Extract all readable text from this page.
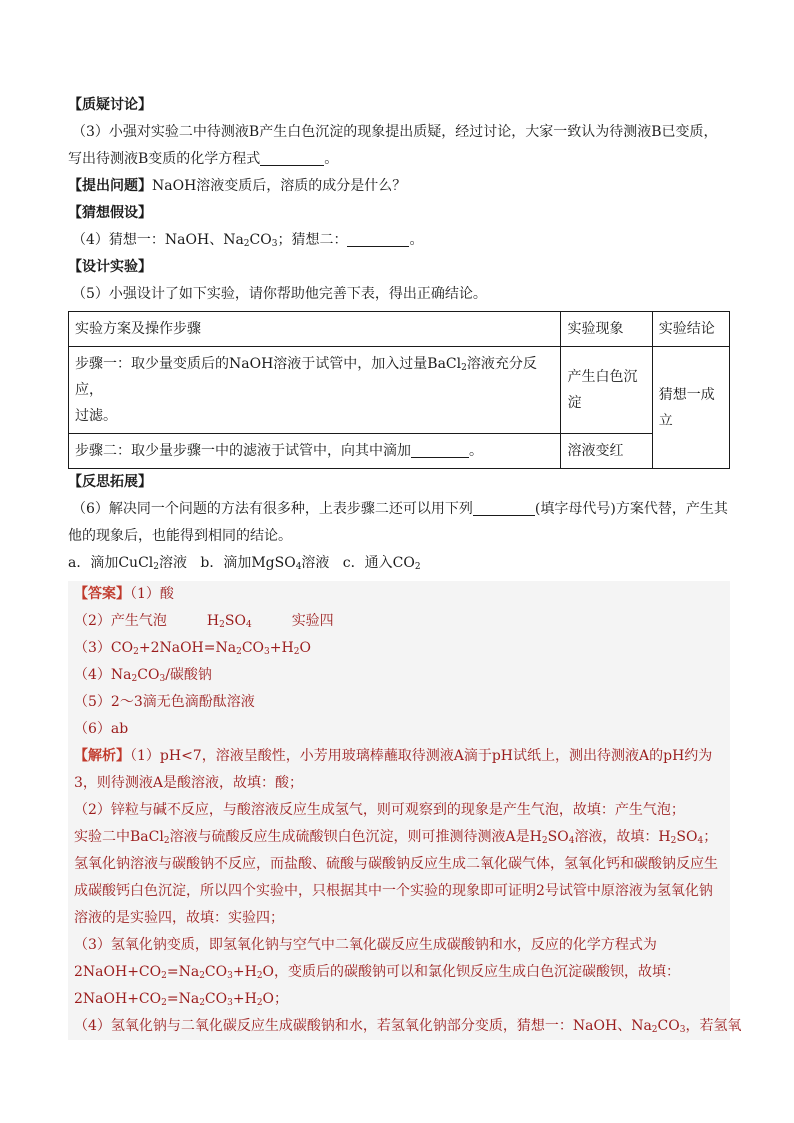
【质疑讨论】
（3）小强对实验二中待测液B产生白色沉淀的现象提出质疑，经过讨论，大家一致认为待测液B已变质，
写出待测液B变质的化学方程式	。
【提出问题】NaOH溶液变质后，溶质的成分是什么？
【猜想假设】
（4）猜想一：NaOH、$Na_2CO_3$；猜想二：	。
【设计实验】
（5）小强设计了如下实验，请你帮助他完善下表，得出正确结论。
实验方案及操作步骤	实验现象	实验结论
步骤一：取少量变质后的NaOH溶液于试管中，加入过量BaCl$_2$溶液充分反应，
过滤。	产生白色沉淀	猜想一成立
步骤二：取少量步骤一中的滤液于试管中，向其中滴加 。	溶液变红	
【反思拓展】
（6）解决同一个问题的方法有很多种，上表步骤二还可以用下列	(填字母代号)方案代替，产生其
他的现象后，也能得到相同的结论。
a．滴加CuCl$_2$溶液 b．滴加MgSO$_4$溶液 c．通入$CO_2$
【答案】（1）酸
（2）产生气泡	$H_2SO_4$	实验四
$(3)CO_2+2NaOH=Na_2CO_3+H_2O$
$(4)Na_2CO_3/$碳酸钠
（5）2～3滴无色滴酚酞溶液
（6）ab
【解析】（1）pH<7，溶液呈酸性，小芳用玻璃棒蘸取待测液A滴于pH试纸上，测出待测液A的pH约为
3，则待测液A是酸溶液，故填：酸；
（2）锌粒与碱不反应，与酸溶液反应生成氢气，则可观察到的现象是产生气泡，故填：产生气泡；
实验二中BaCl$_2$溶液与硫酸反应生成硫酸钡白色沉淀，则可推测待测液A是$H_2SO_4$溶液，故填：$H_2SO_4$；
氢氧化钠溶液与碳酸钠不反应，而盐酸、硫酸与碳酸钠反应生成二氧化碳气体，氢氧化钙和碳酸钠反应生
成碳酸钙白色沉淀，所以四个实验中，只根据其中一个实验的现象即可证明2号试管中原溶液为氢氧化钠
溶液的是实验四，故填：实验四；
（3）氢氧化钠变质，即氢氧化钠与空气中二氧化碳反应生成碳酸钠和水，反应的化学方程式为
$2NaOH+CO_2=Na_2CO_3+H_2O$，变质后的碳酸钠可以和氯化钡反应生成白色沉淀碳酸钡，故填：
$2NaOH+CO_2=Na_2CO_3+H_2O$；
（4）氢氧化钠与二氧化碳反应生成碳酸钠和水，若氢氧化钠部分变质，猜想一：NaOH、$Na_2CO_3$，若氢氧
